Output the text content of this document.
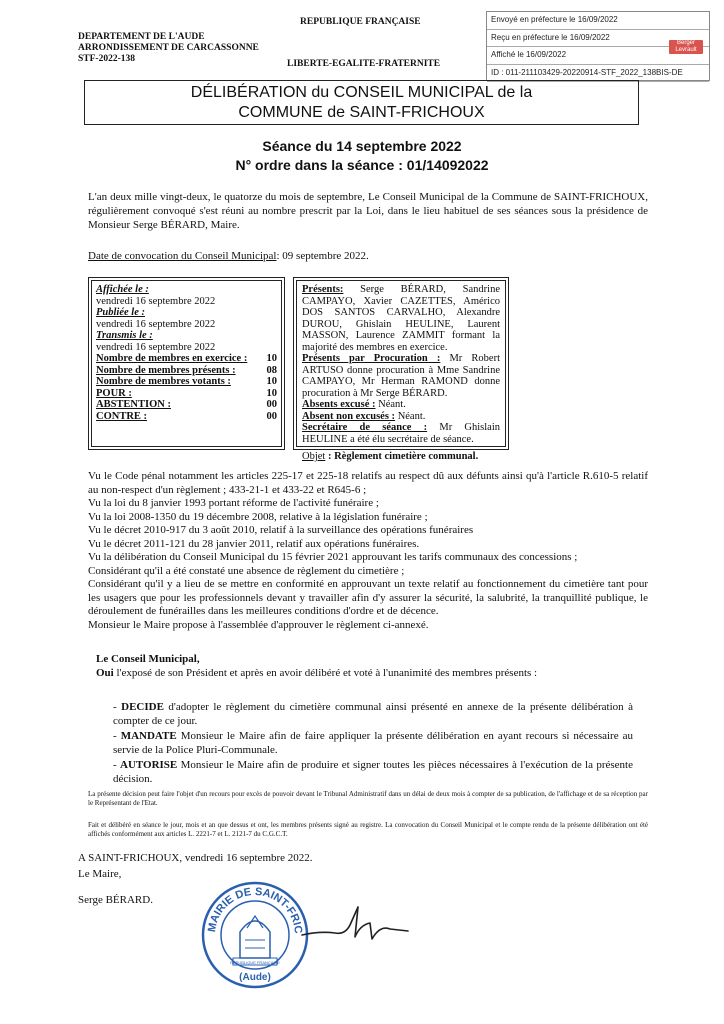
DEPARTEMENT DE L'AUDE
ARRONDISSEMENT DE CARCASSONNE
STF-2022-138
REPUBLIQUE FRANÇAISE
LIBERTE-EGALITE-FRATERNITE
Envoyé en préfecture le 16/09/2022
Reçu en préfecture le 16/09/2022
Affiché le 16/09/2022
ID : 011-211103429-20220914-STF_2022_138BIS-DE
Berger Levrault
DÉLIBÉRATION du CONSEIL MUNICIPAL de la
COMMUNE de SAINT-FRICHOUX
Séance du 14 septembre 2022
N° ordre dans la séance : 01/14092022
L'an deux mille vingt-deux, le quatorze du mois de septembre, Le Conseil Municipal de la Commune de SAINT-FRICHOUX, régulièrement convoqué s'est réuni au nombre prescrit par la Loi, dans le lieu habituel de ses séances sous la présidence de Monsieur Serge BÉRARD, Maire.
Date de convocation du Conseil Municipal: 09 septembre 2022.
Affichée le :
vendredi 16 septembre 2022
Publiée le :
vendredi 16 septembre 2022
Transmis le :
vendredi 16 septembre 2022
Nombre de membres en exercice : 10
Nombre de membres présents :	08
Nombre de membres votants :	10
POUR :	10
ABSTENTION :	00
CONTRE :	00
Présents: Serge BÉRARD, Sandrine CAMPAYO, Xavier CAZETTES, Américo DOS SANTOS CARVALHO, Alexandre DUROU, Ghislain HEULINE, Laurent MASSON, Laurence ZAMMIT formant la majorité des membres en exercice.
Présents par Procuration : Mr Robert ARTUSO donne procuration à Mme Sandrine CAMPAYO, Mr Herman RAMOND donne procuration à Mr Serge BÉRARD.
Absents excusé : Néant.
Absent non excusés : Néant.
Secrétaire de séance : Mr Ghislain HEULINE a été élu secrétaire de séance.
Objet : Règlement cimetière communal.
Vu le Code pénal notamment les articles 225-17 et 225-18 relatifs au respect dû aux défunts ainsi qu'à l'article R.610-5 relatif au non-respect d'un règlement ; 433-21-1 et 433-22 et R645-6 ;
Vu la loi du 8 janvier 1993 portant réforme de l'activité funéraire ;
Vu la loi 2008-1350 du 19 décembre 2008, relative à la législation funéraire ;
Vu le décret 2010-917 du 3 août 2010, relatif à la surveillance des opérations funéraires
Vu le décret 2011-121 du 28 janvier 2011, relatif aux opérations funéraires.
Vu la délibération du Conseil Municipal du 15 février 2021 approuvant les tarifs communaux des concessions ;
Considérant qu'il a été constaté une absence de règlement du cimetière ;
Considérant qu'il y a lieu de se mettre en conformité en approuvant un texte relatif au fonctionnement du cimetière tant pour les usagers que pour les professionnels devant y travailler afin d'y assurer la sécurité, la salubrité, la tranquillité publique, le déroulement de funérailles dans les meilleures conditions d'ordre et de décence.
Monsieur le Maire propose à l'assemblée d'approuver le règlement ci-annexé.
Le Conseil Municipal,
Oui l'exposé de son Président et après en avoir délibéré et voté à l'unanimité des membres présents :
- DECIDE d'adopter le règlement du cimetière communal ainsi présenté en annexe de la présente délibération à compter de ce jour.
- MANDATE Monsieur le Maire afin de faire appliquer la présente délibération en ayant recours si nécessaire au servie de la Police Pluri-Communale.
- AUTORISE Monsieur le Maire afin de produire et signer toutes les pièces nécessaires à l'exécution de la présente décision.
La présente décision peut faire l'objet d'un recours pour excès de pouvoir devant le Tribunal Administratif dans un délai de deux mois à compter de sa publication, de l'affichage et de sa réception par le Représentant de l'Etat.
Fait et délibéré en séance le jour, mois et an que dessus et ont, les membres présents signé au registre. La convocation du Conseil Municipal et le compte rendu de la présente délibération ont été affichés conformément aux articles L. 2221-7 et L. 2121-7 du C.G.C.T.
A SAINT-FRICHOUX, vendredi 16 septembre 2022.
Le Maire,
Serge BÉRARD.
MAIRIE DE SAINT-FRIC
RÉPUBLIQUE FRANÇAISE
(Aude)
